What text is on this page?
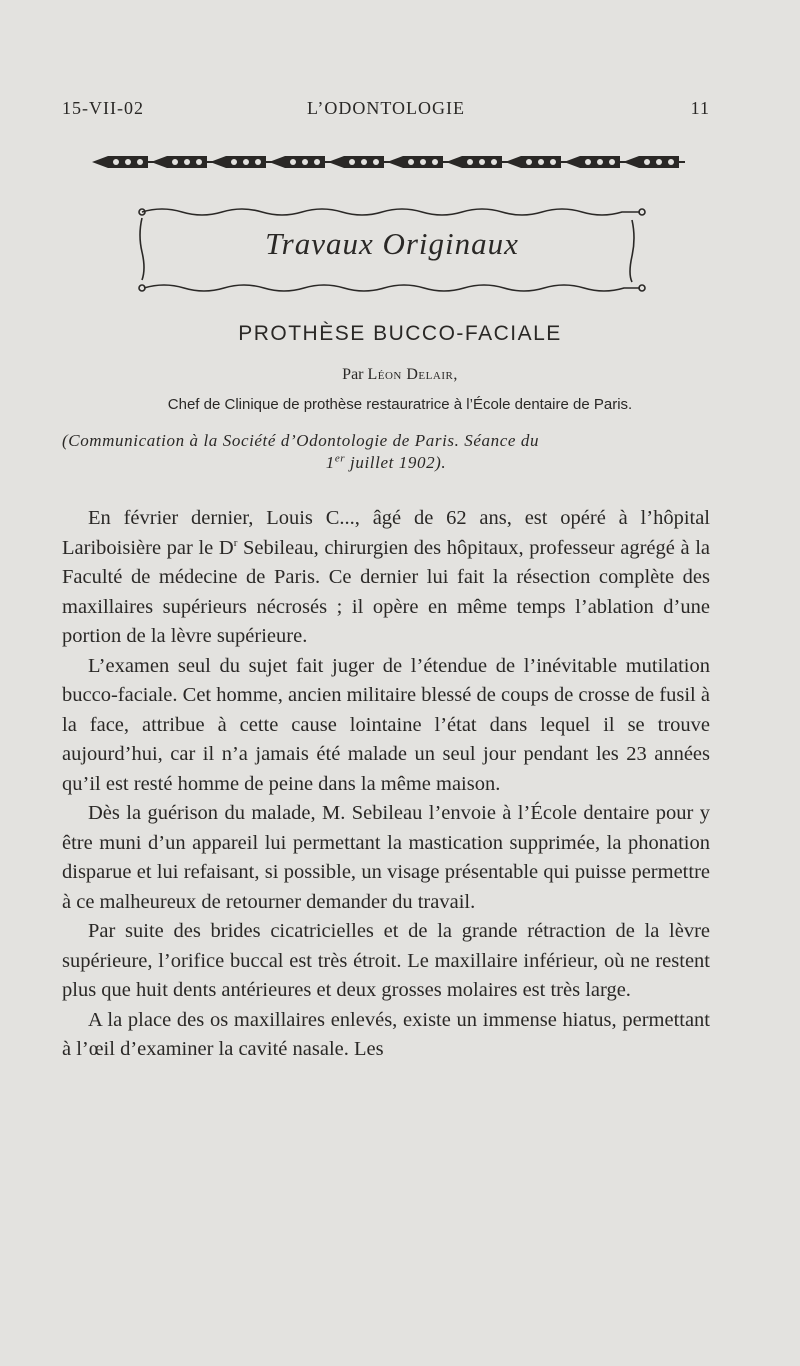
15-VII-02	L’ODONTOLOGIE	11
Travaux Originaux
PROTHÈSE BUCCO-FACIALE
Par Léon Delair,
Chef de Clinique de prothèse restauratrice à l’École dentaire de Paris.
(Communication à la Société d’Odontologie de Paris. Séance du
1er juillet 1902).

En février dernier, Louis C..., âgé de 62 ans, est opéré à l’hôpital Lariboisière par le $D^r$ Sebileau, chirurgien des hôpitaux, professeur agrégé à la Faculté de médecine de Paris. Ce dernier lui fait la résection complète des maxillaires supérieurs nécrosés ; il opère en même temps l’ablation d’une portion de la lèvre supérieure.

L’examen seul du sujet fait juger de l’étendue de l’inévitable mutilation bucco-faciale. Cet homme, ancien militaire blessé de coups de crosse de fusil à la face, attribue à cette cause lointaine l’état dans lequel il se trouve aujourd’hui, car il n’a jamais été malade un seul jour pendant les 23 années qu’il est resté homme de peine dans la même maison.

Dès la guérison du malade, M. Sebileau l’envoie à l’École dentaire pour y être muni d’un appareil lui permettant la mastication supprimée, la phonation disparue et lui refaisant, si possible, un visage présentable qui puisse permettre à ce malheureux de retourner demander du travail.

Par suite des brides cicatricielles et de la grande rétraction de la lèvre supérieure, l’orifice buccal est très étroit. Le maxillaire inférieur, où ne restent plus que huit dents antérieures et deux grosses molaires est très large.

A la place des os maxillaires enlevés, existe un immense hiatus, permettant à l’œil d’examiner la cavité nasale. Les
